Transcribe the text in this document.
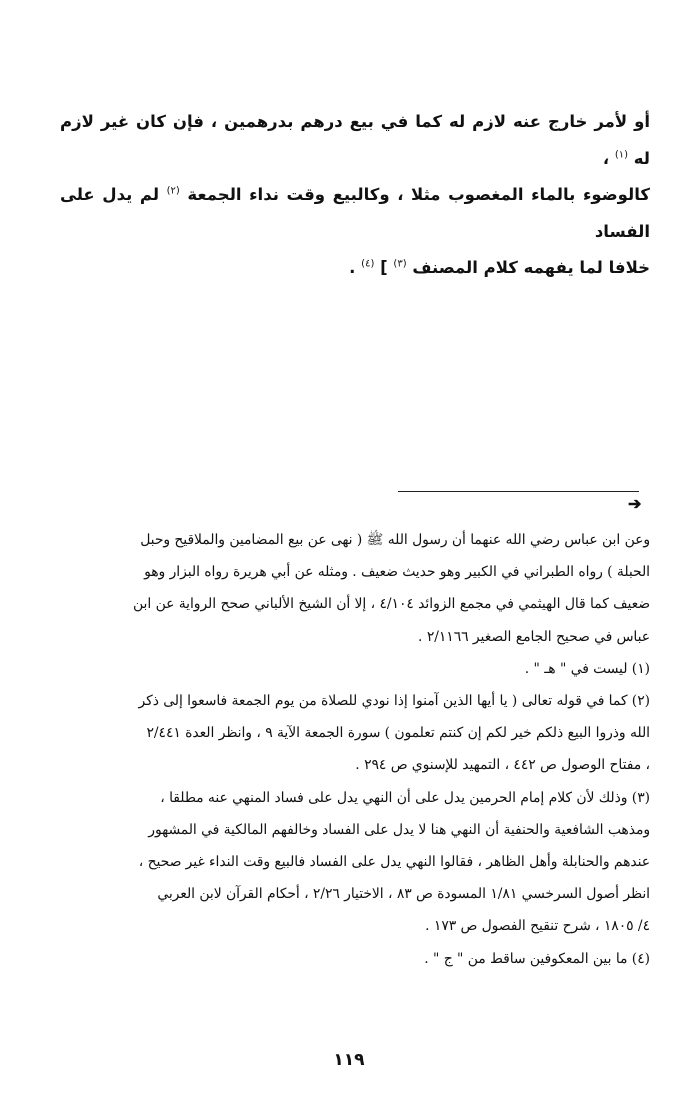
أو لأمر خارج عنه لازم له كما في بيع درهم بدرهمين ، فإن كان غير لازم له $^{(١)}$ ،

كالوضوء بالماء المغصوب مثلا ، وكالبيع وقت نداء الجمعة $^{(٢)}$ لم يدل على الفساد

خلافا لما يفهمه كلام المصنف $^{(٣)}$ ] $^{(٤)}$ .

➔

وعن ابن عباس رضي الله عنهما أن رسول الله ﷺ ( نهى عن بيع المضامين والملاقيح وحبل

الحبلة ) رواه الطبراني في الكبير وهو حديث ضعيف . ومثله عن أبي هريرة رواه البزار وهو

ضعيف كما قال الهيثمي في مجمع الزوائد ٤/١٠٤ ، إلا أن الشيخ الألباني صحح الرواية عن ابن

عباس في صحيح الجامع الصغير ٢/١١٦٦ .

(١) ليست في " هـ " .

(٢) كما في قوله تعالى ( يا أيها الذين آمنوا إذا نودي للصلاة من يوم الجمعة فاسعوا إلى ذكر

الله وذروا البيع ذلكم خير لكم إن كنتم تعلمون ) سورة الجمعة الآية ٩ ، وانظر العدة ٢/٤٤١

، مفتاح الوصول ص ٤٤٢ ، التمهيد للإسنوي ص ٢٩٤ .

(٣) وذلك لأن كلام إمام الحرمين يدل على أن النهي يدل على فساد المنهي عنه مطلقا ،

ومذهب الشافعية والحنفية أن النهي هنا لا يدل على الفساد وخالفهم المالكية في المشهور

عندهم والحنابلة وأهل الظاهر ، فقالوا النهي يدل على الفساد فالبيع وقت النداء غير صحيح ،

انظر أصول السرخسي ١/٨١ المسودة ص ٨٣ ، الاختيار ٢/٢٦ ، أحكام القرآن لابن العربي

٤/ ١٨٠٥ ، شرح تنقيح الفصول ص ١٧٣ .

(٤) ما بين المعكوفين ساقط من " ج " .

١١٩
